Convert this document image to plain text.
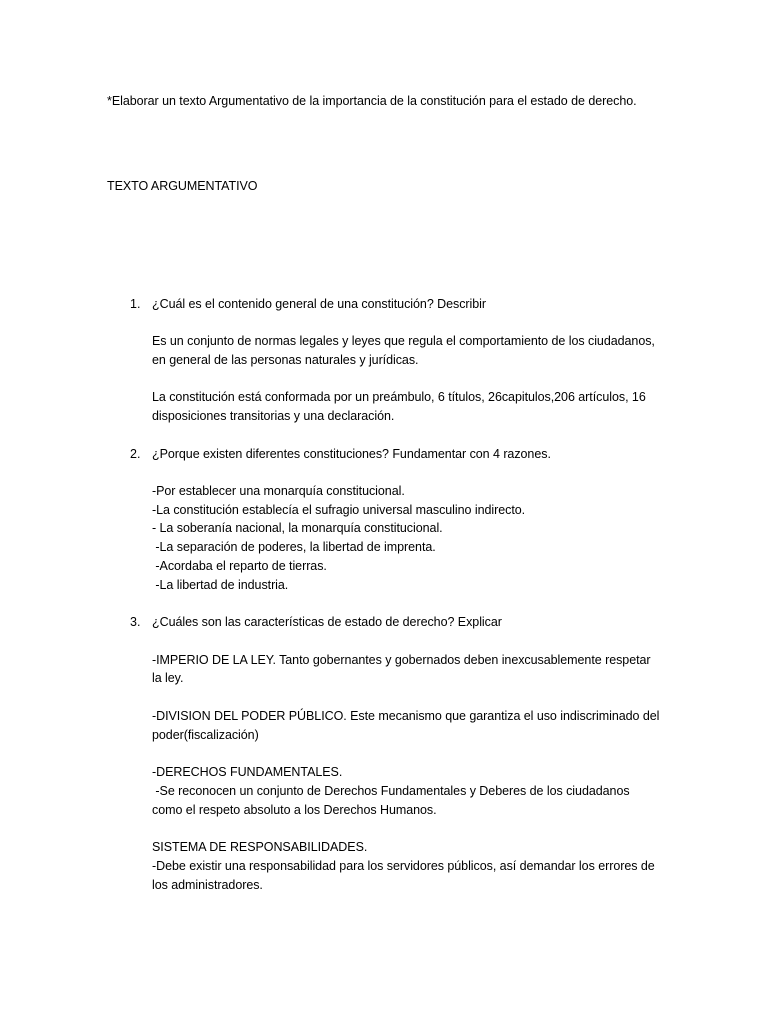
*Elaborar un texto Argumentativo de la importancia de la constitución para el estado de derecho.
TEXTO ARGUMENTATIVO
1. ¿Cuál es el contenido general de una constitución? Describir
Es un conjunto de normas legales y leyes que regula el comportamiento de los ciudadanos,
en general de las personas naturales y jurídicas.
La constitución está conformada por un preámbulo, 6 títulos, 26capitulos,206 artículos, 16
disposiciones transitorias y una declaración.
2. ¿Porque existen diferentes constituciones? Fundamentar con 4 razones.
-Por establecer una monarquía constitucional.
-La constitución establecía el sufragio universal masculino indirecto.
- La soberanía nacional, la monarquía constitucional.
-La separación de poderes, la libertad de imprenta.
-Acordaba el reparto de tierras.
-La libertad de industria.
3. ¿Cuáles son las características de estado de derecho? Explicar
-IMPERIO DE LA LEY. Tanto gobernantes y gobernados deben inexcusablemente respetar
la ley.
-DIVISION DEL PODER PÚBLICO. Este mecanismo que garantiza el uso indiscriminado del
poder(fiscalización)
-DERECHOS FUNDAMENTALES.
-Se reconocen un conjunto de Derechos Fundamentales y Deberes de los ciudadanos
como el respeto absoluto a los Derechos Humanos.
SISTEMA DE RESPONSABILIDADES.
-Debe existir una responsabilidad para los servidores públicos, así demandar los errores de
los administradores.
